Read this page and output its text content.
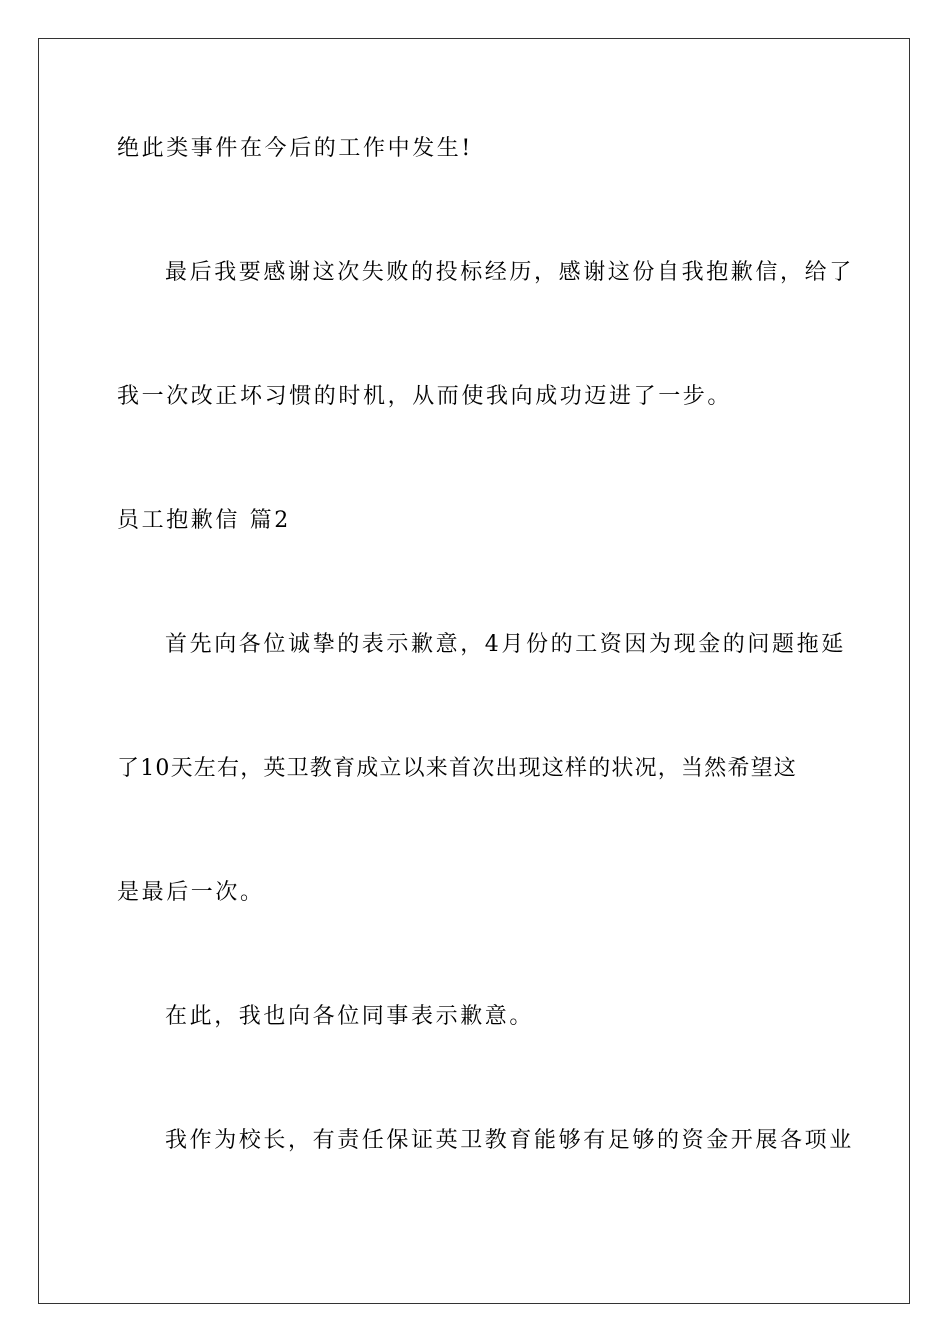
绝此类事件在今后的工作中发生!
最后我要感谢这次失败的投标经历，感谢这份自我抱歉信，给了
我一次改正坏习惯的时机，从而使我向成功迈进了一步。
员工抱歉信 篇2
首先向各位诚挚的表示歉意，4月份的工资因为现金的问题拖延
了10天左右，英卫教育成立以来首次出现这样的状况，当然希望这
是最后一次。
在此，我也向各位同事表示歉意。
我作为校长，有责任保证英卫教育能够有足够的资金开展各项业
